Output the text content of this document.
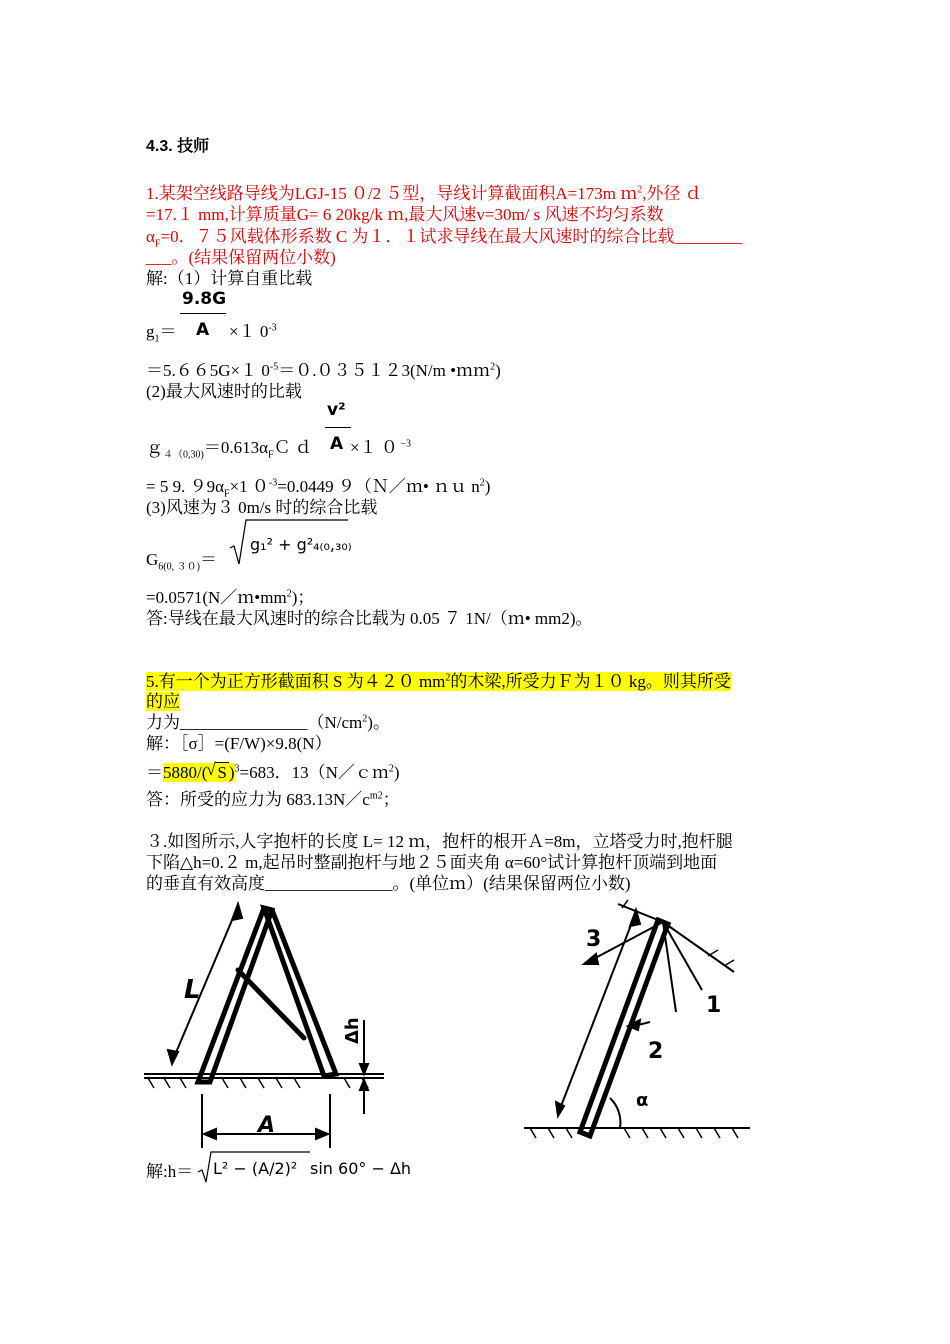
4.3. 技师
1.某架空线路导线为LGJ-15 ０/2 ５型，导线计算截面积A=173m ｍ$^2$,外径 ｄ
=17.１ mm,计算质量G= 6 20kg/k ｍ,最大风速v=30m/ s 风速不均匀系数
$\alpha_F=0$．７５风载体形系数 C 为１．１试求导线在最大风速时的综合比载________
___。(结果保留两位小数)
解:（1）计算自重比载
9.8G
$g_1= A \times 1$ $0^{-3}$
＝5.６６5G×１ $0^{-5}=0.035123(N/m$ •ｍｍ$^2$)
(2)最大风速时的比载
v²
$g_{4(0,30)}=0.613\alpha_FC$ ｄ A ×１ ０ $^{-3}$
= 5 9. $99\alpha_F\times 1$ $0^{-3}=0.0449$ ９（Ｎ／ｍ• ｎｕ $n^2$)
(3)风速为３ 0m/s 时的综合比载
$G_{6(0, 30)}=$
g₁² + g²₄₍₀,₃₀₎
$=0.0571(N/m•mm^2)$；
答:导线在最大风速时的综合比载为 0.05 ７ 1N/（ｍ• mm2)。
5.有一个为正方形截面积 S 为４２０ $mm^2$的木梁,所受力Ｆ为１０ kg。则其所受
的应
力为$\_\_\_\_\_\_\_\_\_\_\_\_\_\_\_(N/cm^2)$。
解：［σ］=(F/W)×9.8(N）
＝5880/( √ S )$^3$=683．13（N／ｃｍ$^2$)
答：所受的应力为 $683.13N/c^{m2}$；
３.如图所示,人字抱杆的长度 L= 12 ｍ，抱杆的根开Ａ=8m，立塔受力时,抱杆腿
下陷△h=0.２ m,起吊时整副抱杆与地２５面夹角 α=60°试计算抱杆顶端到地面
的垂直有效高度_______________。(单位ｍ）(结果保留两位小数)
L
A
Δh
3
1
2
α
解:h＝ L² − (A/2)² sin 60° − Δh
